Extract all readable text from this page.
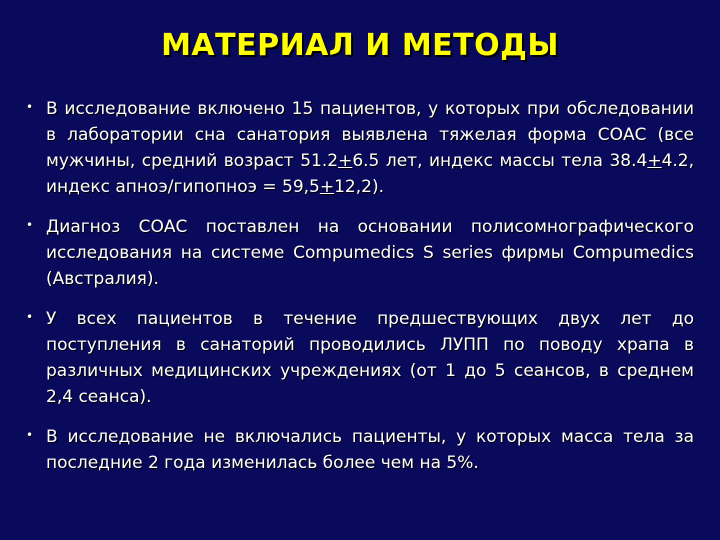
МАТЕРИАЛ И МЕТОДЫ
• В исследование включено 15 пациентов, у которых при обследовании в лаборатории сна санатория выявлена тяжелая форма СОАС (все мужчины, средний возраст 51.2+6.5 лет, индекс массы тела 38.4+4.2, индекс апноэ/гипопноэ = 59,5+12,2).
• Диагноз СОАС поставлен на основании полисомнографического исследования на системе Compumedics S series фирмы Compumedics (Австралия).
• У всех пациентов в течение предшествующих двух лет до поступления в санаторий проводились ЛУПП по поводу храпа в различных медицинских учреждениях (от 1 до 5 сеансов, в среднем 2,4 сеанса).
• В исследование не включались пациенты, у которых масса тела за последние 2 года изменилась более чем на 5%.
